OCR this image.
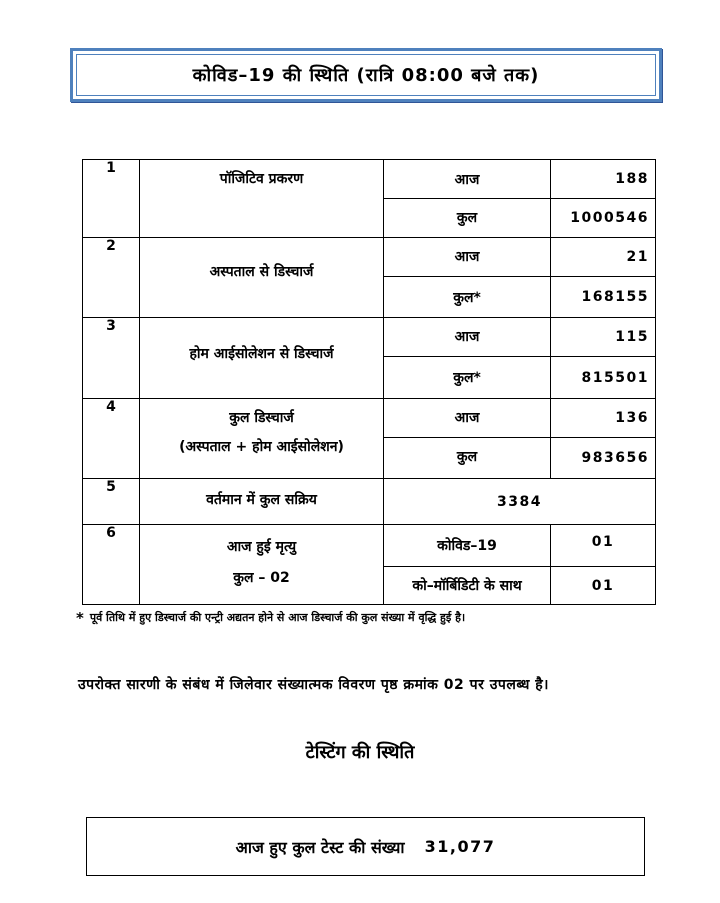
कोविड–19 की स्थिति (रात्रि 08:00 बजे तक)
1	पॉजिटिव प्रकरण	आज	188

		कुल	1000546
2	अस्पताल से डिस्चार्ज	आज	21
		कुल*	168155
3	होम आईसोलेशन से डिस्चार्ज	आज	115
		कुल*	815501
4	कुल डिस्चार्ज
(अस्पताल + होम आईसोलेशन)	आज	136

		कुल	983656
5	वर्तमान में कुल सक्रिय	3384	
6	आज हुई मृत्यु
कुल – 02	कोविड–19	01

		को–मॉर्बिडिटी के साथ	01
* पूर्व तिथि में हुए डिस्चार्ज की एन्ट्री अद्यतन होने से आज डिस्चार्ज की कुल संख्या में वृद्धि हुई है।
उपरोक्त सारणी के संबंध में जिलेवार संख्यात्मक विवरण पृष्ठ क्रमांक 02 पर उपलब्ध है।
टेस्टिंग की स्थिति
आज हुए कुल टेस्ट की संख्या 31,077
